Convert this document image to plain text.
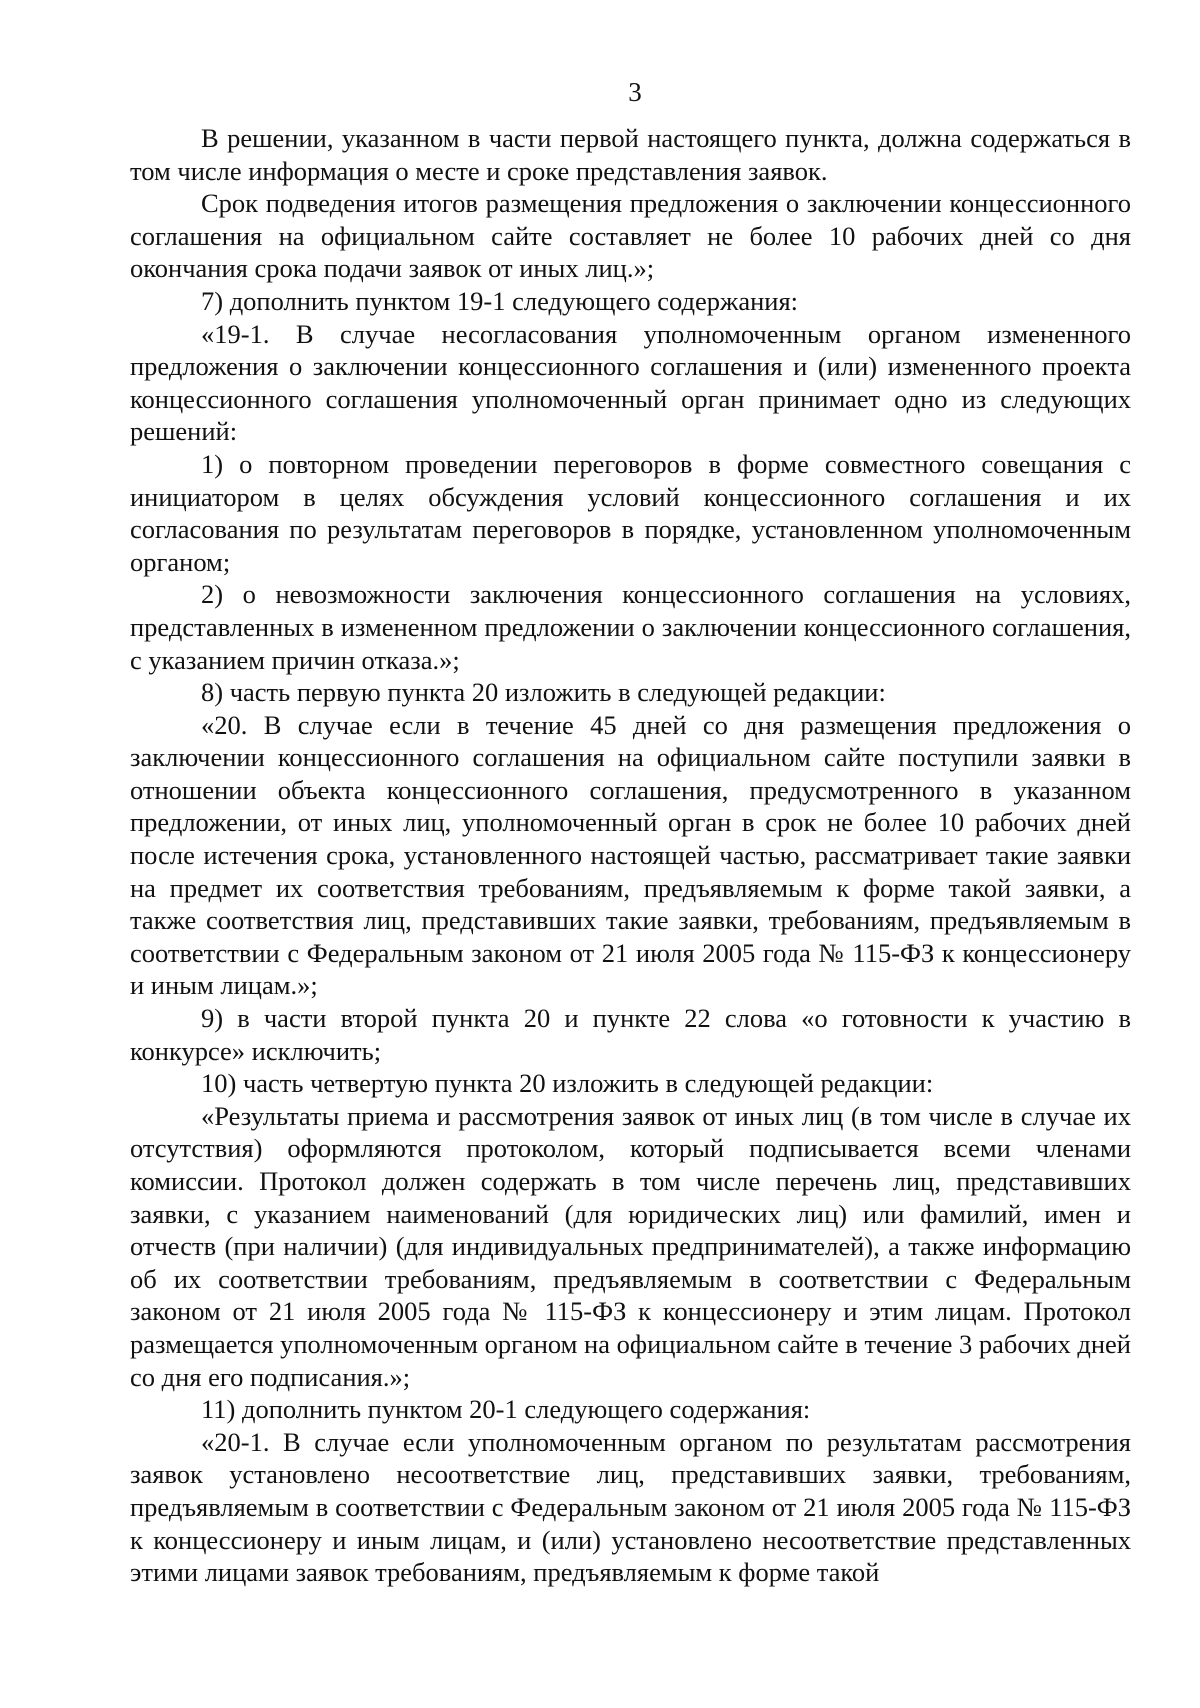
3

В решении, указанном в части первой настоящего пункта, должна содержаться в том числе информация о месте и сроке представления заявок.

Срок подведения итогов размещения предложения о заключении концессионного соглашения на официальном сайте составляет не более 10 рабочих дней со дня окончания срока подачи заявок от иных лиц.»;

7) дополнить пунктом 19-1 следующего содержания:

«19-1. В случае несогласования уполномоченным органом измененного предложения о заключении концессионного соглашения и (или) измененного проекта концессионного соглашения уполномоченный орган принимает одно из следующих решений:

1) о повторном проведении переговоров в форме совместного совещания с инициатором в целях обсуждения условий концессионного соглашения и их согласования по результатам переговоров в порядке, установленном уполномоченным органом;

2) о невозможности заключения концессионного соглашения на условиях, представленных в измененном предложении о заключении концессионного соглашения, с указанием причин отказа.»;

8) часть первую пункта 20 изложить в следующей редакции:

«20. В случае если в течение 45 дней со дня размещения предложения о заключении концессионного соглашения на официальном сайте поступили заявки в отношении объекта концессионного соглашения, предусмотренного в указанном предложении, от иных лиц, уполномоченный орган в срок не более 10 рабочих дней после истечения срока, установленного настоящей частью, рассматривает такие заявки на предмет их соответствия требованиям, предъявляемым к форме такой заявки, а также соответствия лиц, представивших такие заявки, требованиям, предъявляемым в соответствии с Федеральным законом от 21 июля 2005 года № 115-ФЗ к концессионеру и иным лицам.»;

9) в части второй пункта 20 и пункте 22 слова «о готовности к участию в конкурсе» исключить;

10) часть четвертую пункта 20 изложить в следующей редакции:

«Результаты приема и рассмотрения заявок от иных лиц (в том числе в случае их отсутствия) оформляются протоколом, который подписывается всеми членами комиссии. Протокол должен содержать в том числе перечень лиц, представивших заявки, с указанием наименований (для юридических лиц) или фамилий, имен и отчеств (при наличии) (для индивидуальных предпринимателей), а также информацию об их соответствии требованиям, предъявляемым в соответствии с Федеральным законом от 21 июля 2005 года № 115-ФЗ к концессионеру и этим лицам. Протокол размещается уполномоченным органом на официальном сайте в течение 3 рабочих дней со дня его подписания.»;

11) дополнить пунктом 20-1 следующего содержания:

«20-1. В случае если уполномоченным органом по результатам рассмотрения заявок установлено несоответствие лиц, представивших заявки, требованиям, предъявляемым в соответствии с Федеральным законом от 21 июля 2005 года № 115-ФЗ к концессионеру и иным лицам, и (или) установлено несоответствие представленных этими лицами заявок требованиям, предъявляемым к форме такой
